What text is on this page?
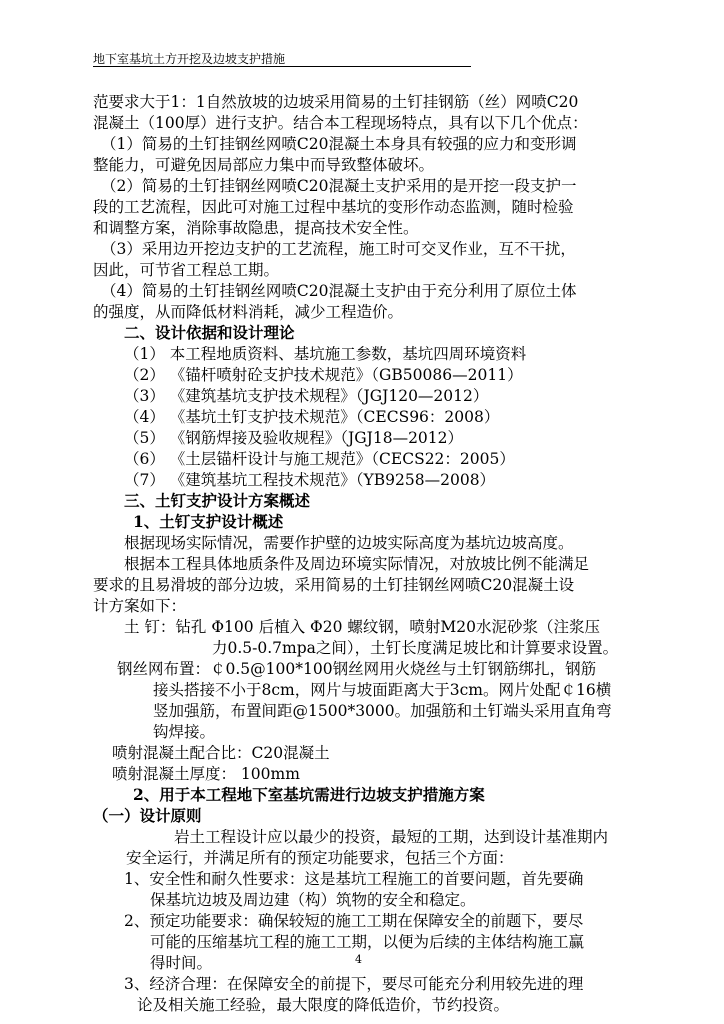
地下室基坑土方开挖及边坡支护措施
范要求大于1：1自然放坡的边坡采用简易的土钉挂钢筋（丝）网喷C20
混凝土（100厚）进行支护。结合本工程现场特点，具有以下几个优点：
（1）简易的土钉挂钢丝网喷C20混凝土本身具有较强的应力和变形调
整能力，可避免因局部应力集中而导致整体破坏。
（2）简易的土钉挂钢丝网喷C20混凝土支护采用的是开挖一段支护一
段的工艺流程，因此可对施工过程中基坑的变形作动态监测，随时检验
和调整方案，消除事故隐患，提高技术安全性。
（3）采用边开挖边支护的工艺流程，施工时可交叉作业，互不干扰，
因此，可节省工程总工期。
（4）简易的土钉挂钢丝网喷C20混凝土支护由于充分利用了原位土体
的强度，从而降低材料消耗，减少工程造价。
二、设计依据和设计理论
（1） 本工程地质资料、基坑施工参数，基坑四周环境资料
（2） 《锚杆喷射砼支护技术规范》（GB50086—2011）
（3） 《建筑基坑支护技术规程》（JGJ120—2012）
（4） 《基坑土钉支护技术规范》（CECS96：2008）
（5） 《钢筋焊接及验收规程》（JGJ18—2012）
（6） 《土层锚杆设计与施工规范》（CECS22：2005）
（7） 《建筑基坑工程技术规范》（YB9258—2008）
三、土钉支护设计方案概述
1、土钉支护设计概述
根据现场实际情况，需要作护壁的边坡实际高度为基坑边坡高度。
根据本工程具体地质条件及周边环境实际情况，对放坡比例不能满足
要求的且易滑坡的部分边坡，采用简易的土钉挂钢丝网喷C20混凝土设
计方案如下：
土 钉：钻孔 Φ100 后植入 Φ20 螺纹钢，喷射M20水泥砂浆（注浆压
力0.5-0.7mpa之间），土钉长度满足坡比和计算要求设置。
钢丝网布置：￠0.5@100*100钢丝网用火烧丝与土钉钢筋绑扎，钢筋
接头搭接不小于8cm，网片与坡面距离大于3cm。网片处配￠16横
竖加强筋，布置间距@1500*3000。加强筋和土钉端头采用直角弯
钩焊接。
喷射混凝土配合比：C20混凝土
喷射混凝土厚度： 100mm
2、用于本工程地下室基坑需进行边坡支护措施方案
（一）设计原则
岩土工程设计应以最少的投资，最短的工期，达到设计基准期内
安全运行，并满足所有的预定功能要求，包括三个方面：
1、安全性和耐久性要求：这是基坑工程施工的首要问题，首先要确
保基坑边坡及周边建（构）筑物的安全和稳定。
2、预定功能要求：确保较短的施工工期在保障安全的前题下，要尽
可能的压缩基坑工程的施工工期，以便为后续的主体结构施工赢
得时间。
3、经济合理：在保障安全的前提下，要尽可能充分利用较先进的理
论及相关施工经验，最大限度的降低造价，节约投资。
4
